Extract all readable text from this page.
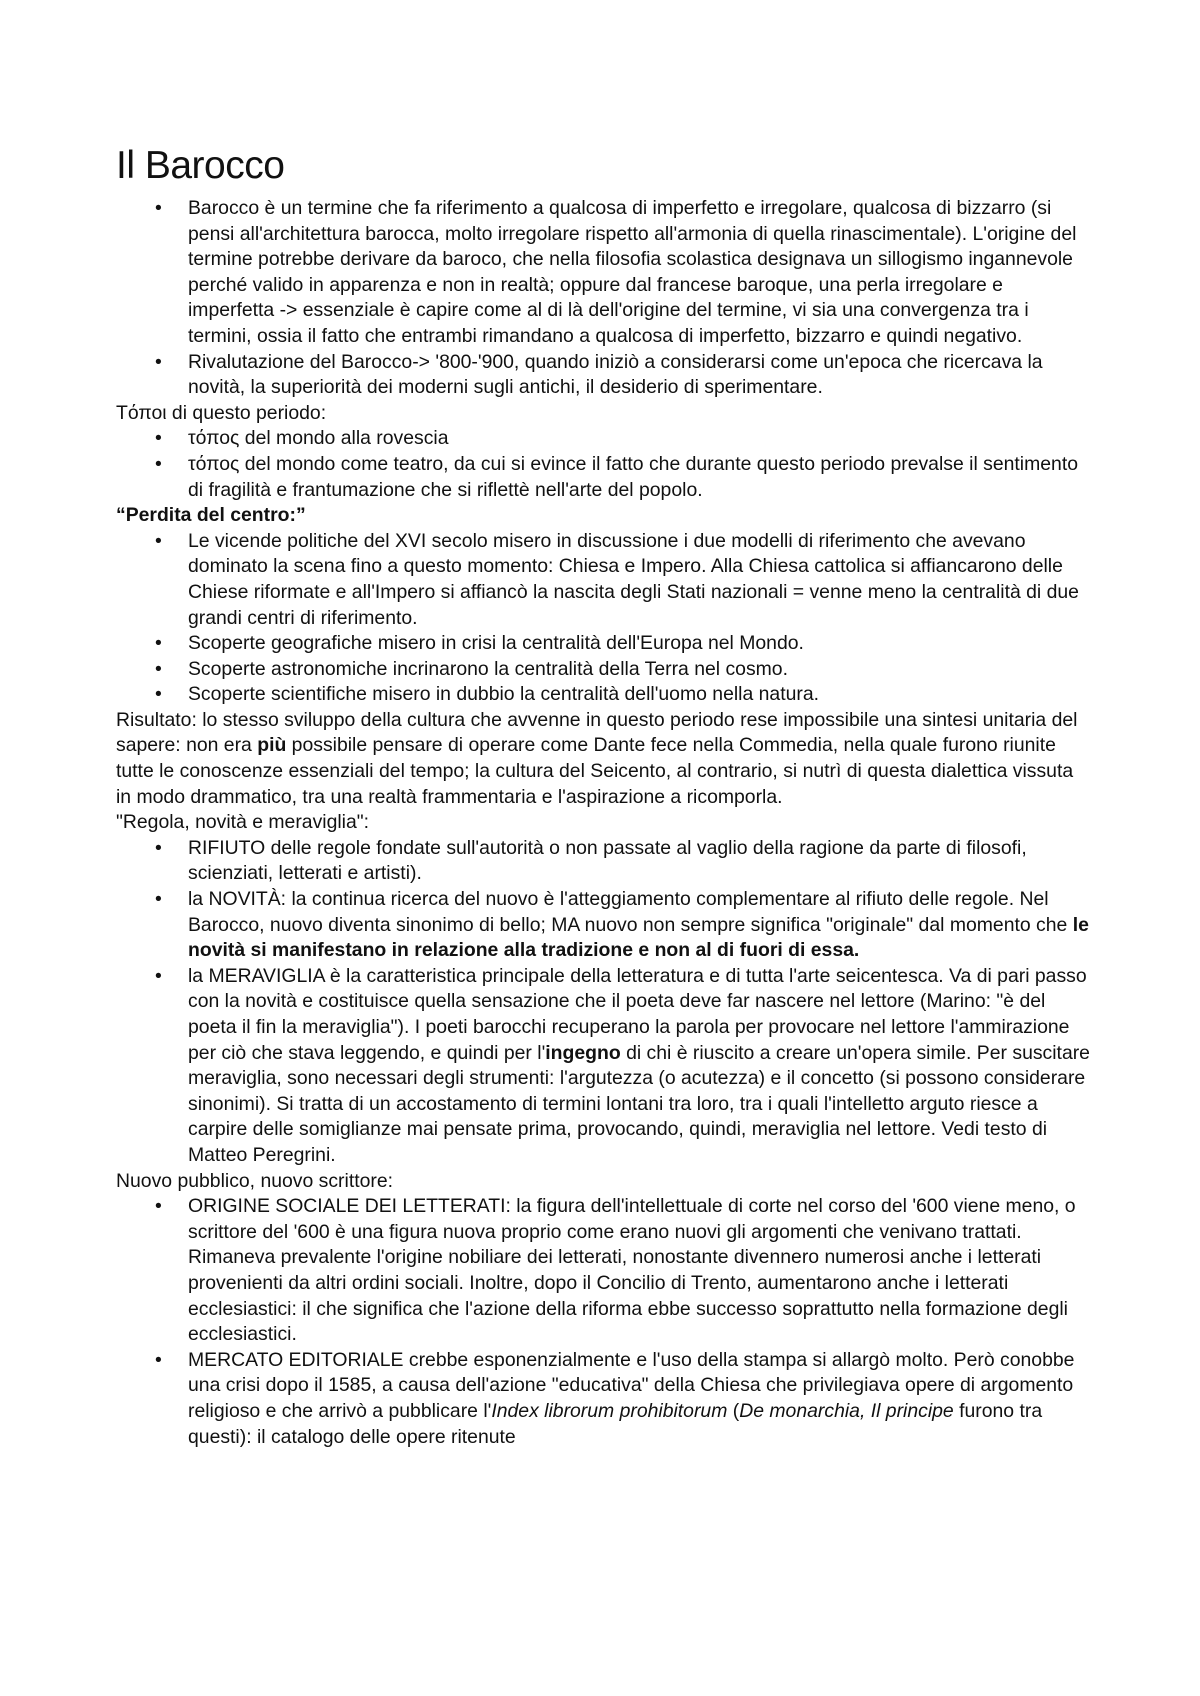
Il Barocco
• Barocco è un termine che fa riferimento a qualcosa di imperfetto e irregolare, qualcosa di bizzarro (si pensi all'architettura barocca, molto irregolare rispetto all'armonia di quella rinascimentale). L'origine del termine potrebbe derivare da baroco, che nella filosofia scolastica designava un sillogismo ingannevole perché valido in apparenza e non in realtà; oppure dal francese baroque, una perla irregolare e imperfetta -> essenziale è capire come al di là dell'origine del termine, vi sia una convergenza tra i termini, ossia il fatto che entrambi rimandano a qualcosa di imperfetto, bizzarro e quindi negativo.
• Rivalutazione del Barocco-> '800-'900, quando iniziò a considerarsi come un'epoca che ricercava la novità, la superiorità dei moderni sugli antichi, il desiderio di sperimentare.

Tόποι di questo periodo:

• τόπος del mondo alla rovescia
• τόπος del mondo come teatro, da cui si evince il fatto che durante questo periodo prevalse il sentimento di fragilità e frantumazione che si riflettè nell'arte del popolo.

“Perdita del centro:”

• Le vicende politiche del XVI secolo misero in discussione i due modelli di riferimento che avevano dominato la scena fino a questo momento: Chiesa e Impero. Alla Chiesa cattolica si affiancarono delle Chiese riformate e all'Impero si affiancò la nascita degli Stati nazionali = venne meno la centralità di due grandi centri di riferimento.
• Scoperte geografiche misero in crisi la centralità dell'Europa nel Mondo.
• Scoperte astronomiche incrinarono la centralità della Terra nel cosmo.
• Scoperte scientifiche misero in dubbio la centralità dell'uomo nella natura.

Risultato: lo stesso sviluppo della cultura che avvenne in questo periodo rese impossibile una sintesi unitaria del sapere: non era più possibile pensare di operare come Dante fece nella Commedia, nella quale furono riunite tutte le conoscenze essenziali del tempo; la cultura del Seicento, al contrario, si nutrì di questa dialettica vissuta in modo drammatico, tra una realtà frammentaria e l'aspirazione a ricomporla.

"Regola, novità e meraviglia":

• RIFIUTO delle regole fondate sull'autorità o non passate al vaglio della ragione da parte di filosofi, scienziati, letterati e artisti).
• la NOVITÀ: la continua ricerca del nuovo è l'atteggiamento complementare al rifiuto delle regole. Nel Barocco, nuovo diventa sinonimo di bello; MA nuovo non sempre significa "originale" dal momento che le novità si manifestano in relazione alla tradizione e non al di fuori di essa.
• la MERAVIGLIA è la caratteristica principale della letteratura e di tutta l'arte seicentesca. Va di pari passo con la novità e costituisce quella sensazione che il poeta deve far nascere nel lettore (Marino: "è del poeta il fin la meraviglia"). I poeti barocchi recuperano la parola per provocare nel lettore l'ammirazione per ciò che stava leggendo, e quindi per l'ingegno di chi è riuscito a creare un'opera simile. Per suscitare meraviglia, sono necessari degli strumenti: l'argutezza (o acutezza) e il concetto (si possono considerare sinonimi). Si tratta di un accostamento di termini lontani tra loro, tra i quali l'intelletto arguto riesce a carpire delle somiglianze mai pensate prima, provocando, quindi, meraviglia nel lettore. Vedi testo di Matteo Peregrini.

Nuovo pubblico, nuovo scrittore:

• ORIGINE SOCIALE DEI LETTERATI: la figura dell'intellettuale di corte nel corso del '600 viene meno, o scrittore del '600 è una figura nuova proprio come erano nuovi gli argomenti che venivano trattati. Rimaneva prevalente l'origine nobiliare dei letterati, nonostante divennero numerosi anche i letterati provenienti da altri ordini sociali. Inoltre, dopo il Concilio di Trento, aumentarono anche i letterati ecclesiastici: il che significa che l'azione della riforma ebbe successo soprattutto nella formazione degli ecclesiastici.
• MERCATO EDITORIALE crebbe esponenzialmente e l'uso della stampa si allargò molto. Però conobbe una crisi dopo il 1585, a causa dell'azione "educativa" della Chiesa che privilegiava opere di argomento religioso e che arrivò a pubblicare l'Index librorum prohibitorum (De monarchia, Il principe furono tra questi): il catalogo delle opere ritenute
